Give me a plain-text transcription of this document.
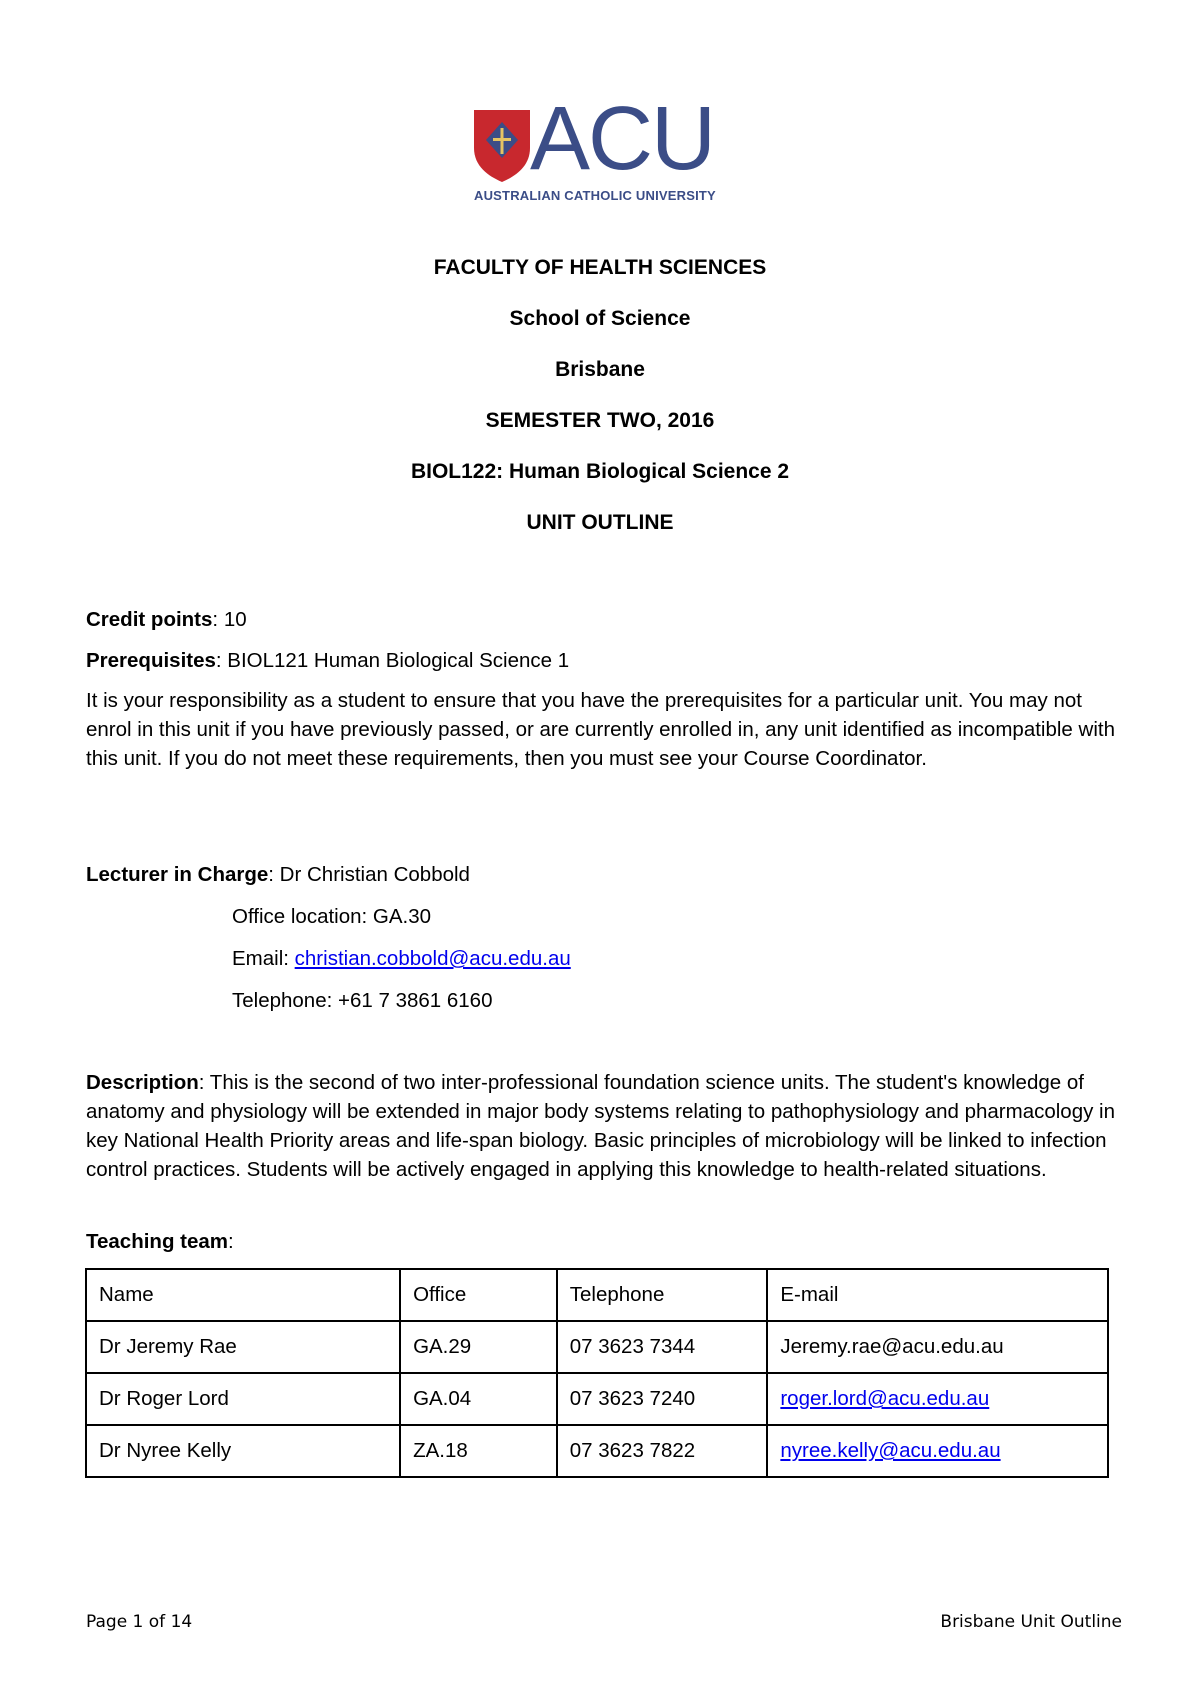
ACU
AUSTRALIAN CATHOLIC UNIVERSITY
FACULTY OF HEALTH SCIENCES
School of Science
Brisbane
SEMESTER TWO, 2016
BIOL122: Human Biological Science 2
UNIT OUTLINE
Credit points: 10
Prerequisites: BIOL121 Human Biological Science 1
It is your responsibility as a student to ensure that you have the prerequisites for a particular unit. You may not enrol in this unit if you have previously passed, or are currently enrolled in, any unit identified as incompatible with this unit. If you do not meet these requirements, then you must see your Course Coordinator.
Lecturer in Charge: Dr Christian Cobbold
Office location: GA.30
Email: christian.cobbold@acu.edu.au
Telephone: +61 7 3861 6160
Description: This is the second of two inter-professional foundation science units. The student's knowledge of anatomy and physiology will be extended in major body systems relating to pathophysiology and pharmacology in key National Health Priority areas and life-span biology. Basic principles of microbiology will be linked to infection control practices. Students will be actively engaged in applying this knowledge to health-related situations.
Teaching team:
Name	Office	Telephone	E-mail
Dr Jeremy Rae	GA.29	07 3623 7344	Jeremy.rae@acu.edu.au
Dr Roger Lord	GA.04	07 3623 7240	roger.lord@acu.edu.au
Dr Nyree Kelly	ZA.18	07 3623 7822	nyree.kelly@acu.edu.au
Page 1 of 14	Brisbane Unit Outline
